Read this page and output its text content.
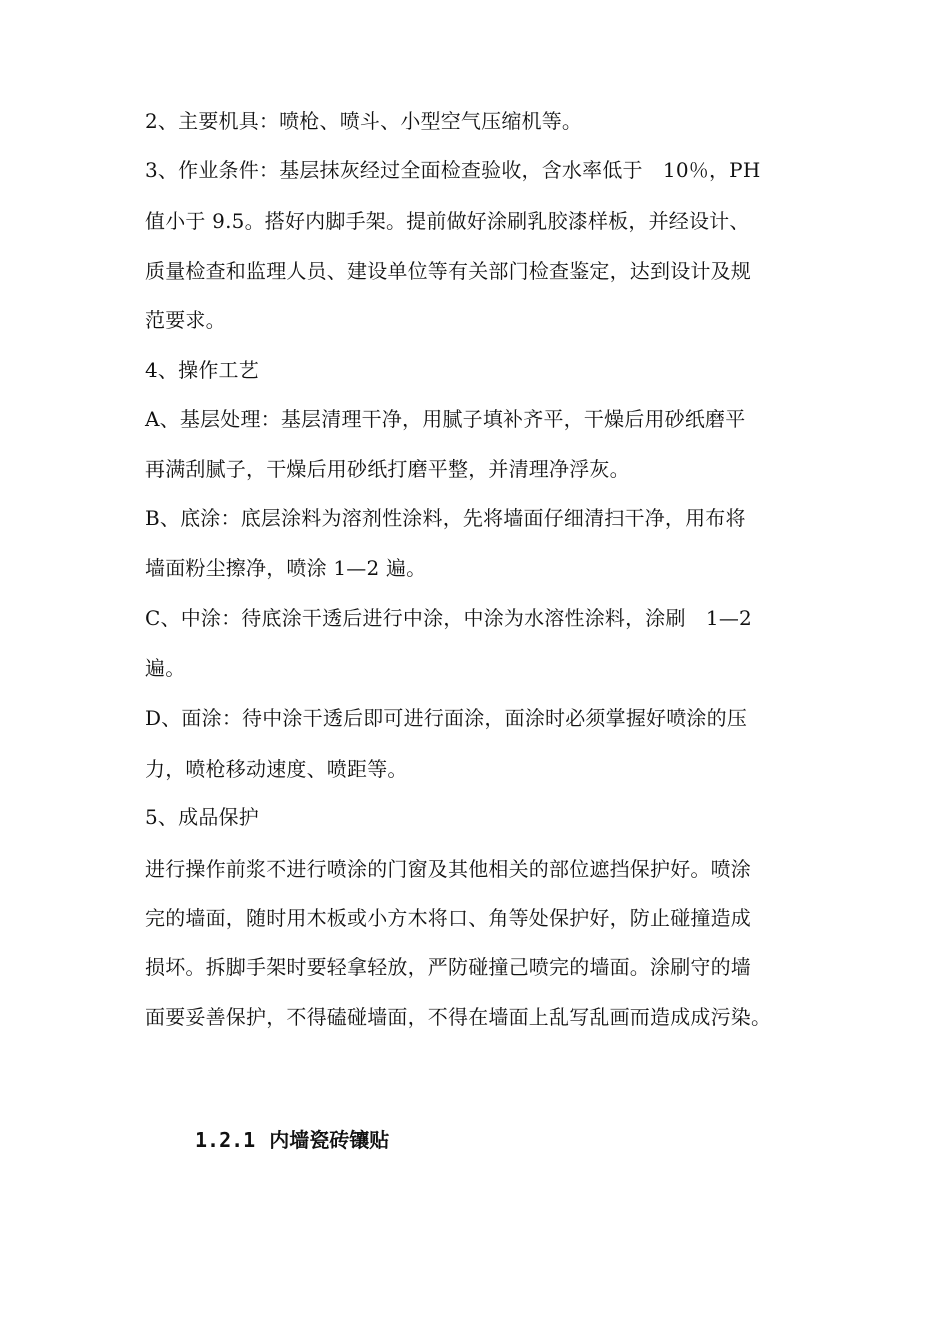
2、主要机具：喷枪、喷斗、小型空气压缩机等。
3、作业条件：基层抹灰经过全面检查验收，含水率低于　10％，PH
值小于 9.5。搭好内脚手架。提前做好涂刷乳胶漆样板，并经设计、
质量检查和监理人员、建设单位等有关部门检查鉴定，达到设计及规
范要求。
4、操作工艺
A、基层处理：基层清理干净，用腻子填补齐平，干燥后用砂纸磨平
再满刮腻子，干燥后用砂纸打磨平整，并清理净浮灰。
B、底涂：底层涂料为溶剂性涂料，先将墙面仔细清扫干净，用布将
墙面粉尘擦净，喷涂 1—2 遍。
C、中涂：待底涂干透后进行中涂，中涂为水溶性涂料，涂刷　1—2
遍。
D、面涂：待中涂干透后即可进行面涂，面涂时必须掌握好喷涂的压
力，喷枪移动速度、喷距等。
5、成品保护
进行操作前浆不进行喷涂的门窗及其他相关的部位遮挡保护好。喷涂
完的墙面，随时用木板或小方木将口、角等处保护好，防止碰撞造成
损坏。拆脚手架时要轻拿轻放，严防碰撞己喷完的墙面。涂刷守的墙
面要妥善保护，不得磕碰墙面，不得在墙面上乱写乱画而造成成污染。
1.2.1 内墙瓷砖镶贴
